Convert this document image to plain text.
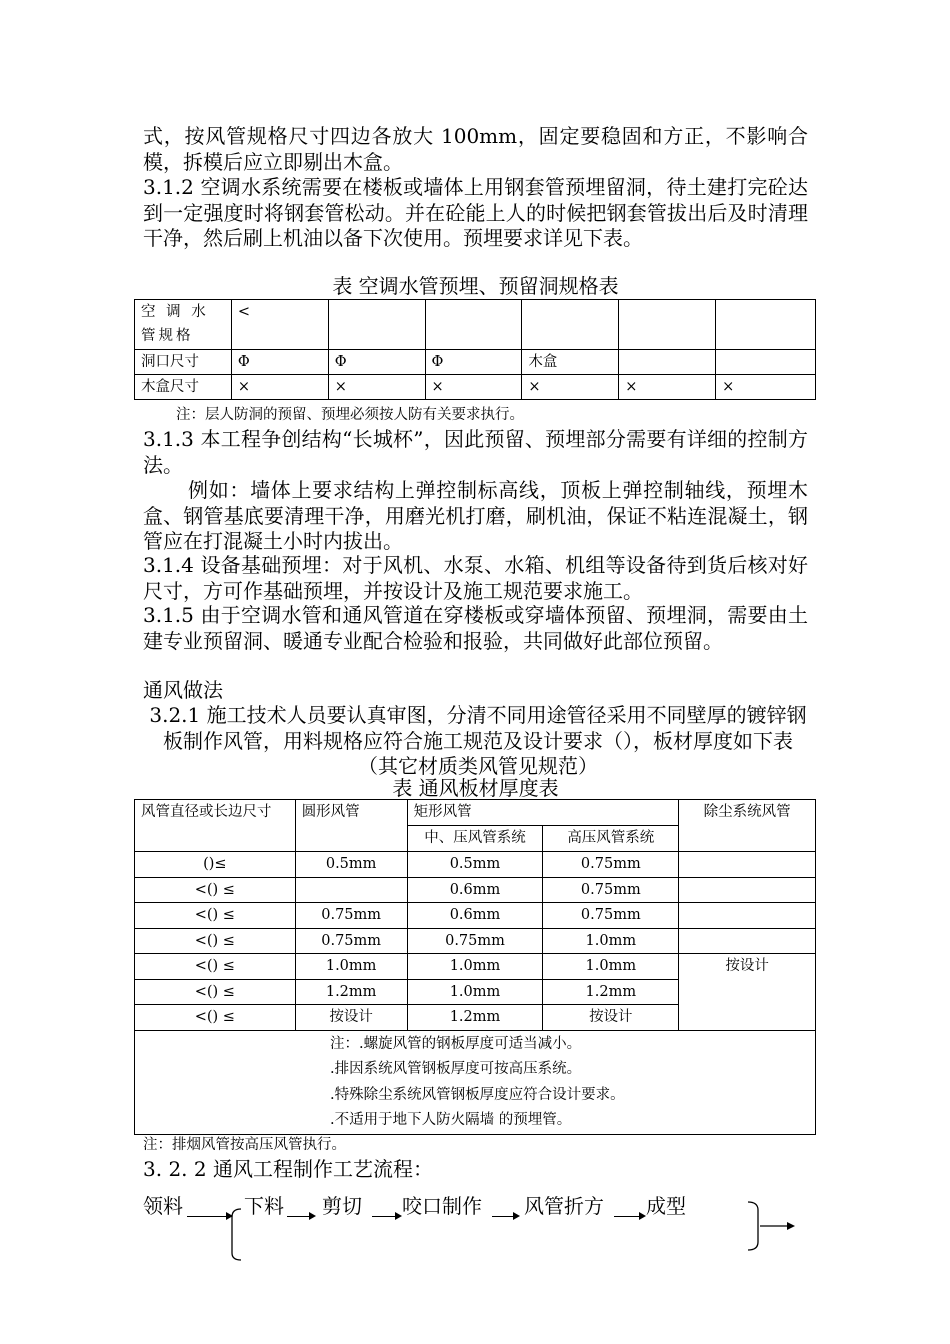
式，按风管规格尺寸四边各放大 100mm，固定要稳固和方正，不影响合模，拆模后应立即剔出木盒。

3.1.2 空调水系统需要在楼板或墙体上用钢套管预埋留洞，待土建打完砼达到一定强度时将钢套管松动。并在砼能上人的时候把钢套管拔出后及时清理干净，然后刷上机油以备下次使用。预埋要求详见下表。

表 空调水管预埋、预留洞规格表
空 调 水 管规格	<					
洞口尺寸	Φ	Φ	Φ	木盒		
木盒尺寸	×	×	×	×	×	×
注：层人防洞的预留、预埋必须按人防有关要求执行。

3.1.3 本工程争创结构“长城杯”，因此预留、预埋部分需要有详细的控制方法。

例如：墙体上要求结构上弹控制标高线，顶板上弹控制轴线，预埋木盒、钢管基底要清理干净，用磨光机打磨，刷机油，保证不粘连混凝土，钢管应在打混凝土小时内拔出。

3.1.4 设备基础预埋：对于风机、水泵、水箱、机组等设备待到货后核对好尺寸，方可作基础预埋，并按设计及施工规范要求施工。

3.1.5 由于空调水管和通风管道在穿楼板或穿墙体预留、预埋洞，需要由土建专业预留洞、暖通专业配合检验和报验，共同做好此部位预留。

通风做法

3.2.1 施工技术人员要认真审图，分清不同用途管径采用不同壁厚的镀锌钢板制作风管，用料规格应符合施工规范及设计要求（），板材厚度如下表（其它材质类风管见规范）

表 通风板材厚度表
风管直径或长边尺寸	圆形风管	矩形风管		除尘系统风管
		中、压风管系统	高压风管系统	
()≤	0.5mm	0.5mm	0.75mm	
<() ≤		0.6mm	0.75mm	
<() ≤	0.75mm	0.6mm	0.75mm	
<() ≤	0.75mm	0.75mm	1.0mm	
<() ≤	1.0mm	1.0mm	1.0mm	按设计
<() ≤	1.2mm	1.0mm	1.2mm	
<() ≤	按设计	1.2mm	按设计	

注：.螺旋风管的钢板厚度可适当减小。
.排因系统风管钢板厚度可按高压系统。
.特殊除尘系统风管钢板厚度应符合设计要求。
.不适用于地下人防火隔墙 的预埋管。				
注：排烟风管按高压风管执行。

3. 2. 2 通风工程制作工艺流程：

领料	下料 剪切 咬口制作 风管折方 成型
